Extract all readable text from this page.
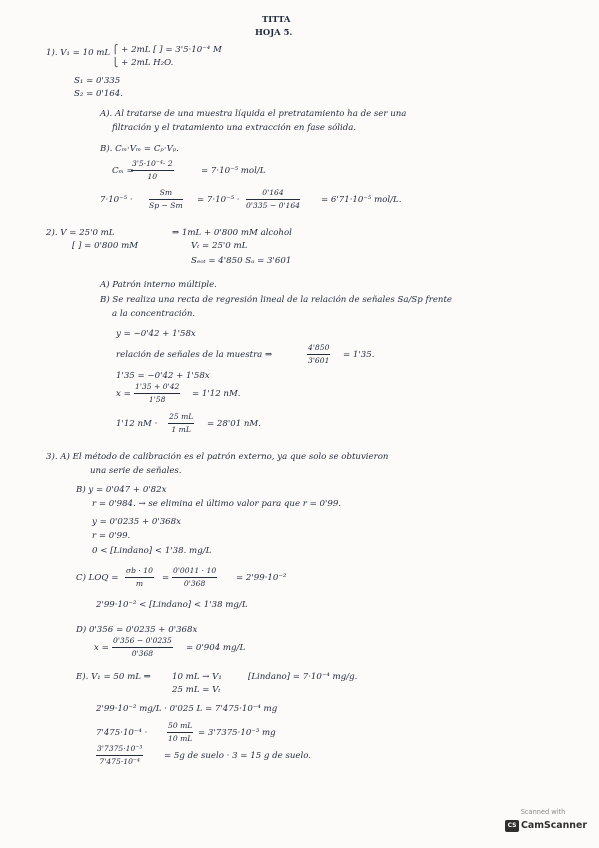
TITTA
HOJA 5.
1). V₁ = 10 mL ⎧ + 2mL [ ] = 3'5·10⁻⁴ M
⎩ + 2mL H₂O.
S₁ = 0'335
S₂ = 0'164.
A). Al tratarse de una muestra líquida el pretratamiento ha de ser una
filtración y el tratamiento una extracción en fase sólida.
B). Cₘ·Vₘ = Cₚ·Vₚ.
Cₘ =
$\frac{\text{3'5·10⁻⁴· 2}}{10}$	= 7·10⁻⁵ mol/L
$7\cdot 10^{-5} \cdot \frac{Sm}{Sp - Sm} = 7\cdot 10^{-5} \cdot \frac{0'164}{0'335 - 0'164} = 6'71\cdot 10^{-5}$ mol/L.
2). V = 25'0 mL	⇒ 1mL + 0'800 mM alcohol
[ ] = 0'800 mM	Vₜ = 25'0 mL
Sₑₒₜ = 4'850 Sₐ = 3'601
A) Patrón interno múltiple.
B) Se realiza una recta de regresión lineal de la relación de señales Sa/Sp frente
a la concentración.
y = −0'42 + 1'58x
relación de señales de la muestra ⇒	$\frac{4'850}{3'601} = 1'35$.
1'35 = −0'42 + 1'58x
$x = \frac{1'35 + 0'42}{1'58} = 1'12$ nM.
1'12 nM · $\frac{25 mL}{1 mL} = 28'01$ nM.
3). A) El método de calibración es el patrón externo, ya que solo se obtuvieron
una serie de señales.
B) y = 0'047 + 0'82x
r = 0'984. → se elimina el último valor para que r = 0'99.
y = 0'0235 + 0'368x
r = 0'99.
0 < [Lindano] < 1'38. mg/L
C) LOQ = $\frac{\sigma b \cdot 10}{m} = \frac{0'0011 \cdot 10}{0'368} = 2'99\cdot 10^{-2}$
2'99·10⁻² < [Lindano] < 1'38 mg/L
D) 0'356 = 0'0235 + 0'368x
$x = \frac{0'356 - 0'0235}{0'368} = 0'904$ mg/L
E). V₁ = 50 mL ⇒ 10 mL → V₁	[Lindano] = 7·10⁻⁴ mg/g.
25 mL = Vₜ
2'99·10⁻² mg/L · 0'025 L = 7'475·10⁻⁴ mg
7'475·10⁻⁴ ·	$\frac{50 mL}{10 mL} = 3'7375\cdot 10^{-3}$ mg
$\frac{\text{3'7375·10⁻³}}{\text{7'475·10⁻⁴}} = 5g$ de suelo · 3 = 15 g de suelo.
Scanned with
CS CamScanner
